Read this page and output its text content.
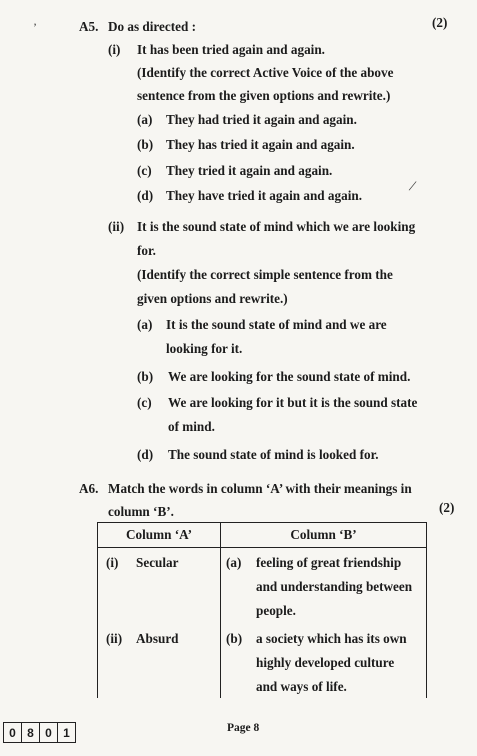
’
/
A5. Do as directed :	(2)
(i) It has been tried again and again.
(Identify the correct Active Voice of the above
sentence from the given options and rewrite.)
(a) They had tried it again and again.
(b) They has tried it again and again.
(c) They tried it again and again.
(d) They have tried it again and again.
(ii) It is the sound state of mind which we are looking
for.
(Identify the correct simple sentence from the
given options and rewrite.)
(a) It is the sound state of mind and we are
looking for it.
(b) We are looking for the sound state of mind.
(c) We are looking for it but it is the sound state
of mind.
(d) The sound state of mind is looked for.
A6. Match the words in column ‘A’ with their meanings in
column ‘B’.	(2)
Column ‘A’	Column ‘B’
(i) Secular	(a) feeling of great friendship
and understanding between
people.
(ii) Absurd	(b) a society which has its own
highly developed culture
and ways of life.
0 8 0 1	Page 8
